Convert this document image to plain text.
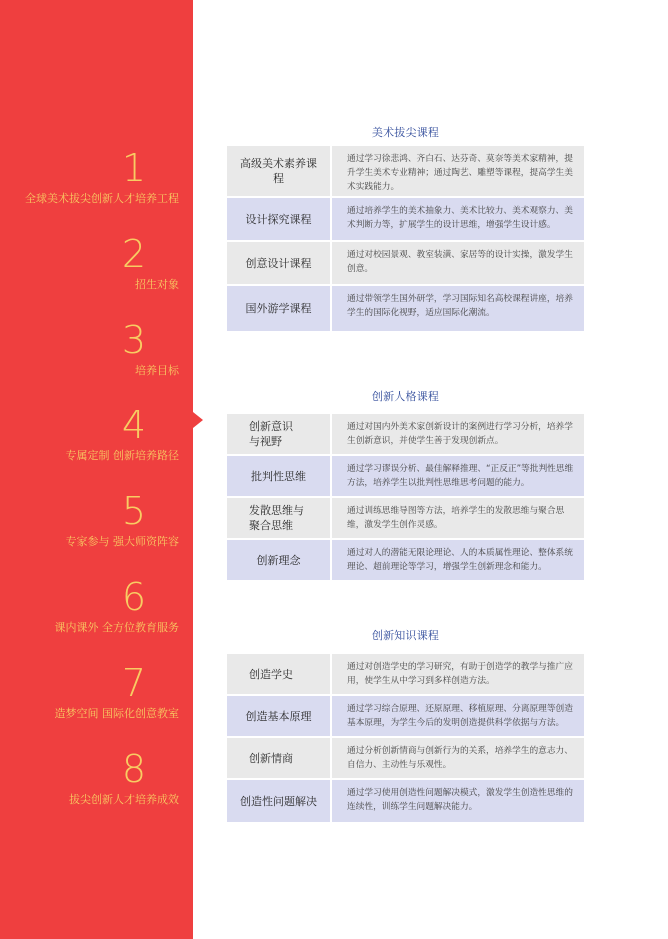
1
全球美术拔尖创新人才培养工程
2
招生对象
3
培养目标
4
专属定制 创新培养路径
5
专家参与 强大师资阵容
6
课内课外 全方位教育服务
7
造梦空间 国际化创意教室
8
拔尖创新人才培养成效
美术拔尖课程
高级美术素养课程
通过学习徐悲鸿、齐白石、达芬奇、莫奈等美术家精神，提升学生美术专业精神；通过陶艺、雕塑等课程，提高学生美术实践能力。
设计探究课程
通过培养学生的美术抽象力、美术比较力、美术观察力、美术判断力等，扩展学生的设计思维，增强学生设计感。
创意设计课程
通过对校园景观、教室装潢、家居等的设计实操，激发学生创意。
国外游学课程
通过带领学生国外研学，学习国际知名高校课程讲座，培养学生的国际化视野，适应国际化潮流。
创新人格课程
创新意识
与视野
通过对国内外美术家创新设计的案例进行学习分析，培养学生创新意识，并使学生善于发现创新点。
批判性思维
通过学习谬误分析、最佳解释推理、“正反正”等批判性思维方法，培养学生以批判性思维思考问题的能力。
发散思维与
聚合思维
通过训练思维导图等方法，培养学生的发散思维与聚合思维，激发学生创作灵感。
创新理念
通过对人的潜能无限论理论、人的本质属性理论、整体系统理论、超前理论等学习，增强学生创新理念和能力。
创新知识课程
创造学史
通过对创造学史的学习研究，有助于创造学的教学与推广应用，使学生从中学习到多样创造方法。
创造基本原理
通过学习综合原理、还原原理、移植原理、分离原理等创造基本原理，为学生今后的发明创造提供科学依据与方法。
创新情商
通过分析创新情商与创新行为的关系，培养学生的意志力、自信力、主动性与乐观性。
创造性问题解决
通过学习使用创造性问题解决模式，激发学生创造性思维的连续性，训练学生问题解决能力。
